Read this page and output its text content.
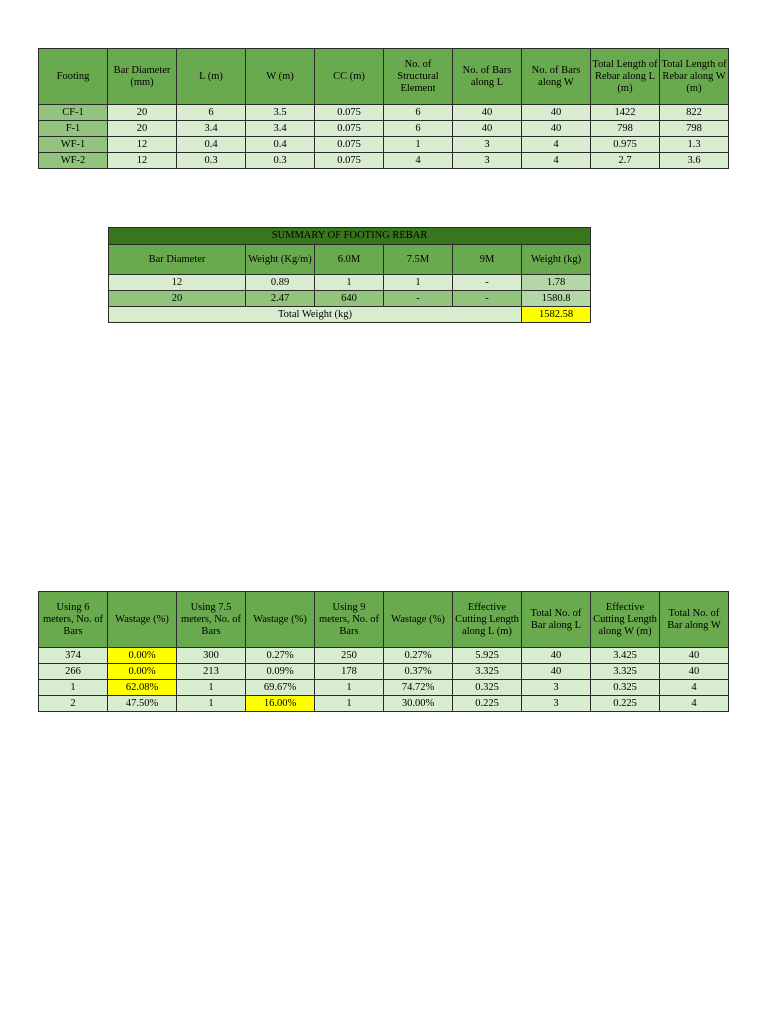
Footing	Bar Diameter (mm)	L (m)	W (m)	CC (m)	No. of Structural Element	No. of Bars along L	No. of Bars along W	Total Length of Rebar along L (m)	Total Length of Rebar along W (m)
CF-1	20	6	3.5	0.075	6	40	40	1422	822
F-1	20	3.4	3.4	0.075	6	40	40	798	798
WF-1	12	0.4	0.4	0.075	1	3	4	0.975	1.3
WF-2	12	0.3	0.3	0.075	4	3	4	2.7	3.6
SUMMARY OF FOOTING REBAR					
Bar Diameter	Weight (Kg/m)	6.0M	7.5M	9M	Weight (kg)
12	0.89	1	1	-	1.78
20	2.47	640	-	-	1580.8
Total Weight (kg)					1582.58
Using 6 meters, No. of Bars	Wastage (%)	Using 7.5 meters, No. of Bars	Wastage (%)	Using 9 meters, No. of Bars	Wastage (%)	Effective Cutting Length along L (m)	Total No. of Bar along L	Effective Cutting Length along W (m)	Total No. of Bar along W
374	0.00%	300	0.27%	250	0.27%	5.925	40	3.425	40
266	0.00%	213	0.09%	178	0.37%	3.325	40	3.325	40
1	62.08%	1	69.67%	1	74.72%	0.325	3	0.325	4
2	47.50%	1	16.00%	1	30.00%	0.225	3	0.225	4
